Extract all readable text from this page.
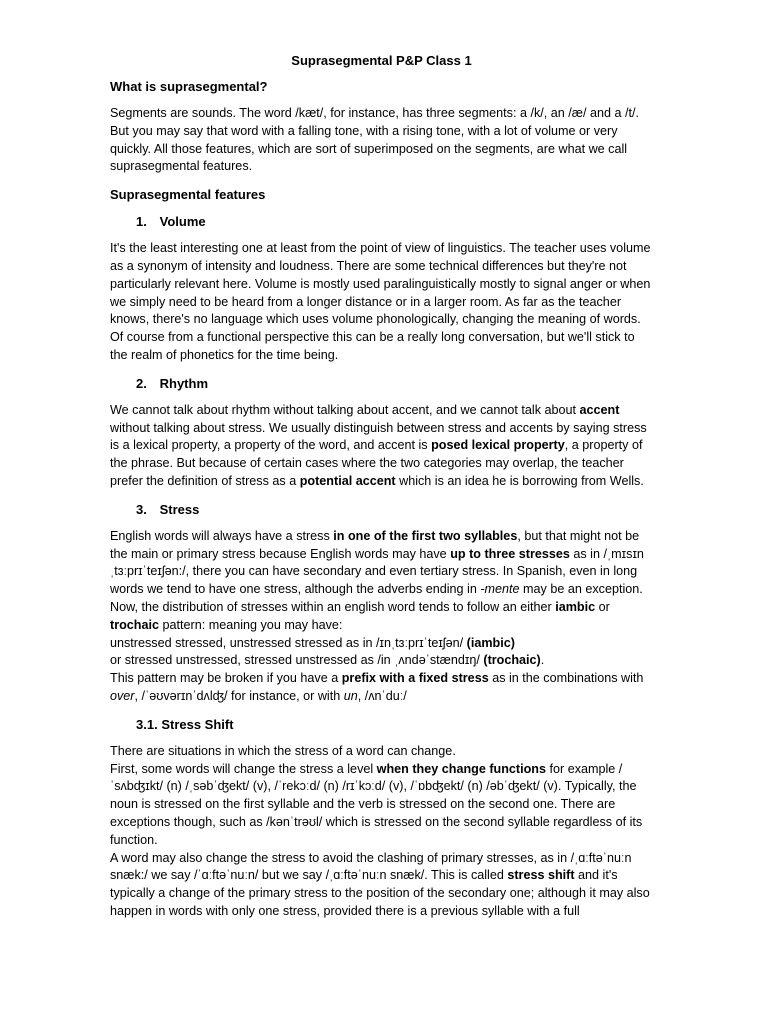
Suprasegmental P&P Class 1
What is suprasegmental?
Segments are sounds. The word /kæt/, for instance, has three segments: a /k/, an /æ/ and a /t/. But you may say that word with a falling tone, with a rising tone, with a lot of volume or very quickly. All those features, which are sort of superimposed on the segments, are what we call suprasegmental features.
Suprasegmental features
1. Volume
It's the least interesting one at least from the point of view of linguistics. The teacher uses volume as a synonym of intensity and loudness. There are some technical differences but they're not particularly relevant here. Volume is mostly used paralinguistically mostly to signal anger or when we simply need to be heard from a longer distance or in a larger room. As far as the teacher knows, there's no language which uses volume phonologically, changing the meaning of words. Of course from a functional perspective this can be a really long conversation, but we'll stick to the realm of phonetics for the time being.
2. Rhythm
We cannot talk about rhythm without talking about accent, and we cannot talk about accent without talking about stress. We usually distinguish between stress and accents by saying stress is a lexical property, a property of the word, and accent is posed lexical property, a property of the phrase. But because of certain cases where the two categories may overlap, the teacher prefer the definition of stress as a potential accent which is an idea he is borrowing from Wells.
3. Stress
English words will always have a stress in one of the first two syllables, but that might not be the main or primary stress because English words may have up to three stresses as in /ˌmɪsɪn ˌtɜːprɪˈteɪʃən:/, there you can have secondary and even tertiary stress. In Spanish, even in long words we tend to have one stress, although the adverbs ending in -mente may be an exception. Now, the distribution of stresses within an english word tends to follow an either iambic or trochaic pattern: meaning you may have:
unstressed stressed, unstressed stressed as in /ɪnˌtɜːprɪˈteɪʃən/ (iambic)
or stressed unstressed, stressed unstressed as /in ˌʌndəˈstændɪŋ/ (trochaic).
This pattern may be broken if you have a prefix with a fixed stress as in the combinations with over, /ˈəʊvərɪnˈdʌlʤ/ for instance, or with un, /ʌnˈduː/
3.1. Stress Shift
There are situations in which the stress of a word can change.
First, some words will change the stress a level when they change functions for example /ˈsʌbʤɪkt/ (n) /ˌsəbˈʤekt/ (v), /ˈrekɔːd/ (n) /rɪˈkɔːd/ (v), /ˈɒbʤekt/ (n) /əbˈʤekt/ (v). Typically, the noun is stressed on the first syllable and the verb is stressed on the second one. There are exceptions though, such as /kənˈtrəʊl/ which is stressed on the second syllable regardless of its function.
A word may also change the stress to avoid the clashing of primary stresses, as in /ˌɑːftəˈnuːn snæk:/ we say /ˈɑːftəˈnuːn/ but we say /ˌɑːftəˈnuːn snæk/. This is called stress shift and it's typically a change of the primary stress to the position of the secondary one; although it may also happen in words with only one stress, provided there is a previous syllable with a full
